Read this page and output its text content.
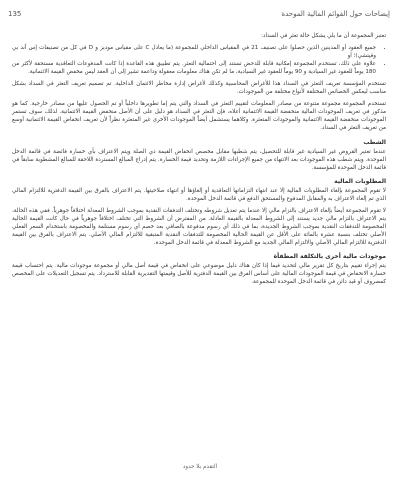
135	إيضاحات حول القوائم المالية الموحدة

تعتبر المجموعة أن ما يلي يشكل حالة تعثر في السداد:

• جميع العقود أو المدينين الذين حصلوا على تصنيف 21 في المقياس الداخلي للمجموعة (ما يعادل C على مقياس موديز و D في كل من تصنيفات إس آند بي وفيتشي)؛ أو
• علاوة على ذلك، تستخدم المجموعة إمكانية قابلة للدحض تستند إلى احتمالية التعثر. يتم تطبيق هذه القاعدة إذا كانت المدفوعات التعاقدية مستحقة لأكثر من 180 يوماً للعقود غير السيادية و 90 يوماً للعقود غير السيادية، ما لم تكن هناك معلومات معقولة وداعمة تشير إلى أن العقد ليس مخفض القيمة الائتمانية.

تستخدم المؤسسة تعريف التعثر في السداد هذا للأغراض المحاسبية وكذلك لأغراض إدارة مخاطر الائتمان الداخلية. تم تصميم تعريف التعثر في السداد بشكل مناسب ليعكس الخصائص المختلفة لأنواع مختلفة من الموجودات.

تستخدم المجموعة مجموعة متنوعة من مصادر المعلومات لتقييم التعثر في السداد والتي يتم إما تطويرها داخلياً أو تم الحصول عليها من مصادر خارجية. كما هو مذكور في تعريف الموجودات المالية منخفضة القيمة الائتمانية أعلاه، فإن التعثر في السداد هو دليل على أن الأصل منخفض القيمة الائتمانية. لذلك، سوف تستمر الموجودات منخفضة القيمة الائتمانية والموجودات المتعثرة. وكلاهما يستشمل أيضاً الموجودات الأخرى غير المتعثرة نظراً لأن تعريف انخفاض القيمة الائتمانية أوسع من تعريف التعثر في السداد.

الشطب

عندما تعتبر القروض غير السيادية غير قابلة للتحصيل، يتم شطبها مقابل مخصص انخفاض القيمة ذي الصلة ويتم الاعتراف بأي خسارة فائضة في قائمة الدخل الموحدة. ويتم شطب هذه الموجودات بعد الانتهاء من جميع الإجراءات اللازمة وتحديد قيمة الخسارة. يتم إدراج المبالغ المستردة اللاحقة للمبالغ المشطوبة سابقاً في قائمة الدخل الموحدة للمؤسسة.

المطلوبات المالية

لا تقوم المجموعة بإلغاء المطلوبات المالية إلا عند انتهاء التزاماتها التعاقدية أو إلغاؤها أو انتهاء صلاحيتها. يتم الاعتراف بالفرق بين القيمة الدفترية للالتزام المالي الذي تم إلغاء الاعتراف به والمقابل المدفوع والمستحق الدفع في قائمة الدخل الموحدة.

لا تقوم المجموعة أيضاً بإلغاء الاعتراف بالتزام مالي إلا عندما يتم تعديل شروطه وتختلف التدفقات النقدية بموجب الشروط المعدلة اختلافاً جوهرياً. ففي هذه الحالة، يتم الاعتراف بالتزام مالي جديد يستند إلى الشروط المعدلة بالقيمة العادلة. من المفترض أن الشروط التي تختلف اختلافاً جوهرياً في حال كانت القيمة الحالية المخصومة للتدفقات النقدية بموجب الشروط الجديدة، بما في ذلك أي رسوم مدفوعة بالصافي بعد خصم أي رسوم مستلمة والمخصومة باستخدام السعر الفعلي الأصلي تختلف بنسبة عشرة بالمائة على الأقل عن القيمة الحالية المخصومة للتدفقات النقدية المتبقية للالتزام المالي الأصلي. يتم الاعتراف بالفرق بين القيمة الدفترية للالتزام المالي الأصلي والالتزام المالي الجديد مع الشروط المعدلة في قائمة الدخل الموحدة.

موجودات مالية أخرى بالتكلفة المطفأة

يتم إجراء تقييم بتاريخ كل تقرير مالي لتحديد فيما إذا كان هناك دليل موضوعي على انخفاض في قيمة أصل مالي أو مجموعة موجودات مالية. يتم احتساب قيمة خسارة الانخفاض في قيمة الموجودات المالية على أساس الفرق بين القيمة الدفترية للأصل وقيمتها التقديرية القابلة للاسترداد. يتم تسجيل التعديلات على المخصص كمصروف أو قيد دائن في قائمة الدخل الموحدة للمجموعة.

التقدم بلا حدود
